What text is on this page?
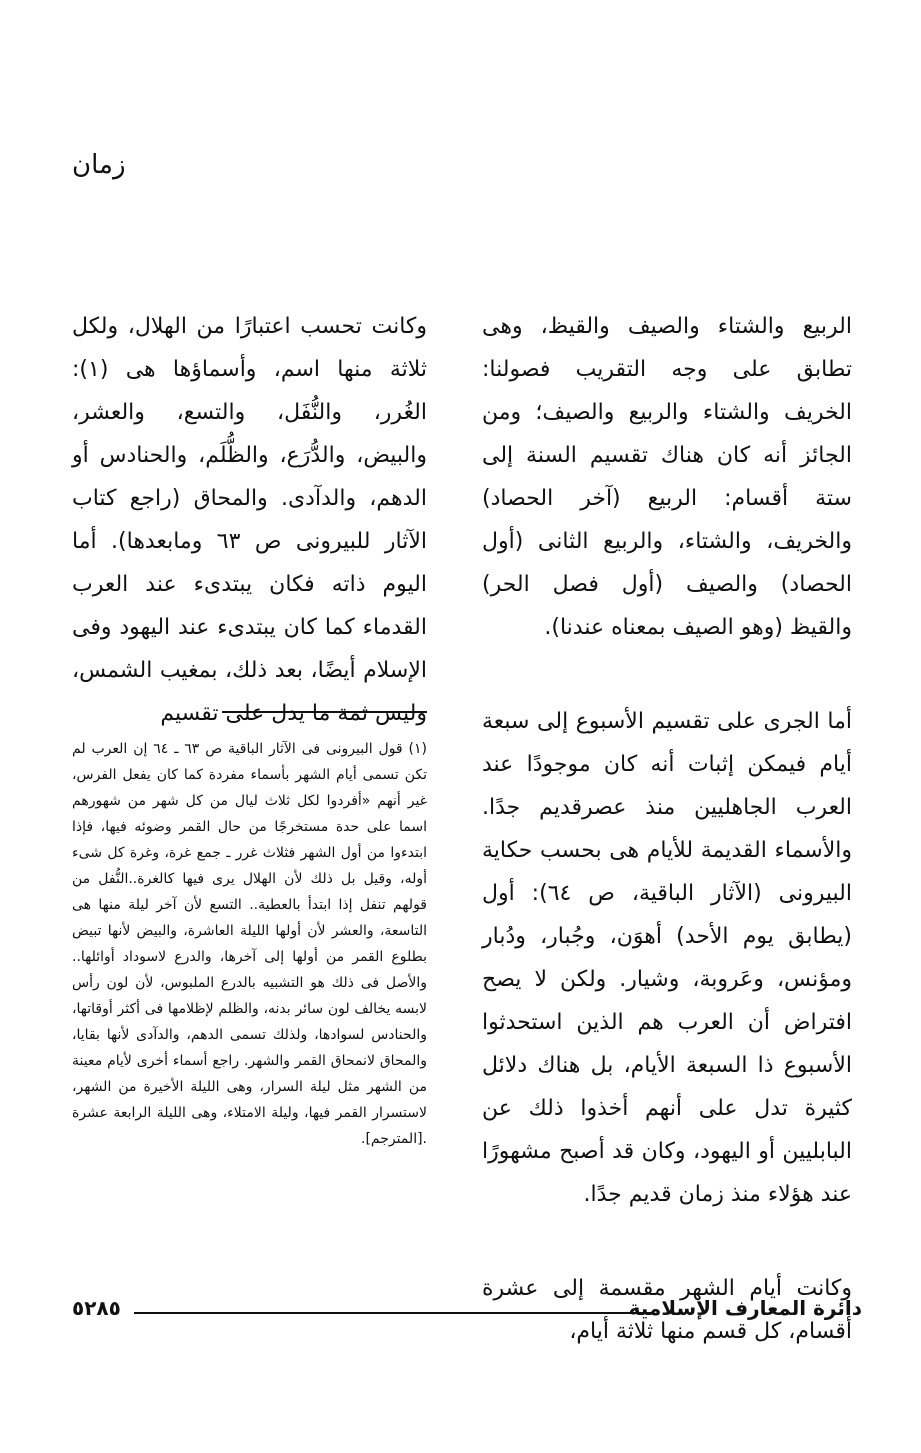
زمان

الربيع والشتاء والصيف والقيظ، وهى تطابق على وجه التقريب فصولنا: الخريف والشتاء والربيع والصيف؛ ومن الجائز أنه كان هناك تقسيم السنة إلى ستة أقسام: الربيع (آخر الحصاد) والخريف، والشتاء، والربيع الثانى (أول الحصاد) والصيف (أول فصل الحر) والقيظ (وهو الصيف بمعناه عندنا).

أما الجرى على تقسيم الأسبوع إلى سبعة أيام فيمكن إثبات أنه كان موجودًا عند العرب الجاهليين منذ عصرقديم جدًا. والأسماء القديمة للأيام هى بحسب حكاية البيرونى (الآثار الباقية، ص ٦٤): أول (يطابق يوم الأحد) أهوَن، وجُبار، ودُبار ومؤنس، وعَروبة، وشيار. ولكن لا يصح افتراض أن العرب هم الذين استحدثوا الأسبوع ذا السبعة الأيام، بل هناك دلائل كثيرة تدل على أنهم أخذوا ذلك عن البابليين أو اليهود، وكان قد أصبح مشهورًا عند هؤلاء منذ زمان قديم جدًا.

وكانت أيام الشهر مقسمة إلى عشرة أقسام، كل قسم منها ثلاثة أيام،

وكانت تحسب اعتبارًا من الهلال، ولكل ثلاثة منها اسم، وأسماؤها هى (١): الغُرر، والنُّفَل، والتسع، والعشر، والبيض، والدُّرَع، والظُّلَم، والحنادس أو الدهم، والدآدى. والمحاق (راجع كتاب الآثار للبيرونى ص ٦٣ ومابعدها). أما اليوم ذاته فكان يبتدىء عند العرب القدماء كما كان يبتدىء عند اليهود وفى الإسلام أيضًا، بعد ذلك، بمغيب الشمس، وليس ثمة ما يدل على تقسيم

(١) قول البيرونى فى الآثار الباقية ص ٦٣ ـ ٦٤ إن العرب لم تكن تسمى أيام الشهر بأسماء مفردة كما كان يفعل الفرس، غير أنهم «أفردوا لكل ثلاث ليال من كل شهر من شهورهم اسما على حدة مستخرجًا من حال القمر وضوئه فيها، فإذا ابتدءوا من أول الشهر فثلاث غرر ـ جمع غرة، وغرة كل شىء أوله، وقيل بل ذلك لأن الهلال يرى فيها كالغرة..النُّفل من قولهم تنفل إذا ابتدأ بالعطية.. التسع لأن آخر ليلة منها هى التاسعة، والعشر لأن أولها الليلة العاشرة، والبيض لأنها تبيض بطلوع القمر من أولها إلى آخرها، والدرع لاسوداد أوائلها.. والأصل فى ذلك هو التشبيه بالدرع الملبوس، لأن لون رأس لابسه يخالف لون سائر بدنه، والظلم لإظلامها فى أكثر أوقاتها، والحنادس لسوادها، ولذلك تسمى الدهم، والدآدى لأنها بقايا، والمحاق لانمحاق القمر والشهر. راجع أسماء أخرى لأيام معينة من الشهر مثل ليلة السرار، وهى الليلة الأخيرة من الشهر، لاستسرار القمر فيها، وليلة الامتلاء، وهى الليلة الرابعة عشرة .[المترجم].
دائرة المعارف الإسلامية
٥٢٨٥
